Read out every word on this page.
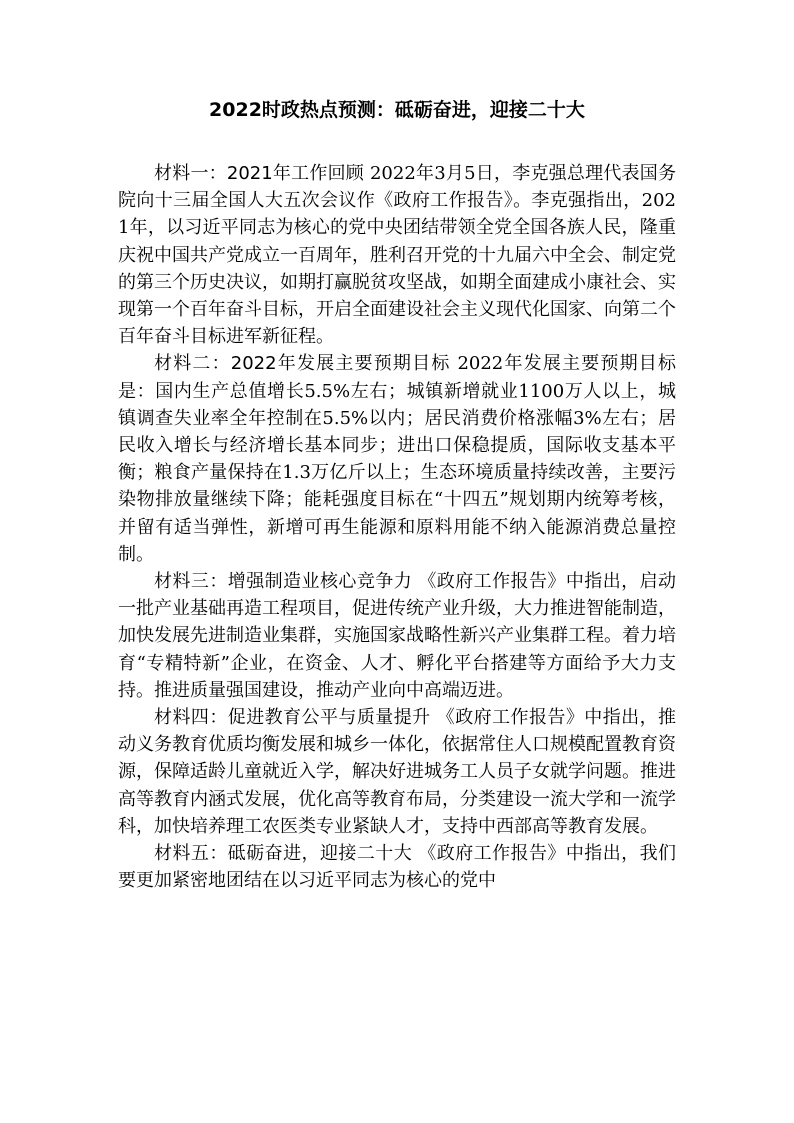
2022时政热点预测：砥砺奋进，迎接二十大

材料一：2021年工作回顾 2022年3月5日，李克强总理代表国务院向十三届全国人大五次会议作《政府工作报告》。李克强指出，2021年，以习近平同志为核心的党中央团结带领全党全国各族人民，隆重庆祝中国共产党成立一百周年，胜利召开党的十九届六中全会、制定党的第三个历史决议，如期打赢脱贫攻坚战，如期全面建成小康社会、实现第一个百年奋斗目标，开启全面建设社会主义现代化国家、向第二个百年奋斗目标进军新征程。

材料二：2022年发展主要预期目标 2022年发展主要预期目标是：国内生产总值增长5.5%左右；城镇新增就业1100万人以上，城镇调查失业率全年控制在5.5%以内；居民消费价格涨幅3%左右；居民收入增长与经济增长基本同步；进出口保稳提质，国际收支基本平衡；粮食产量保持在1.3万亿斤以上；生态环境质量持续改善，主要污染物排放量继续下降；能耗强度目标在“十四五”规划期内统筹考核，并留有适当弹性，新增可再生能源和原料用能不纳入能源消费总量控制。

材料三：增强制造业核心竞争力 《政府工作报告》中指出，启动一批产业基础再造工程项目，促进传统产业升级，大力推进智能制造，加快发展先进制造业集群，实施国家战略性新兴产业集群工程。着力培育“专精特新”企业，在资金、人才、孵化平台搭建等方面给予大力支持。推进质量强国建设，推动产业向中高端迈进。

材料四：促进教育公平与质量提升 《政府工作报告》中指出，推动义务教育优质均衡发展和城乡一体化，依据常住人口规模配置教育资源，保障适龄儿童就近入学，解决好进城务工人员子女就学问题。推进高等教育内涵式发展，优化高等教育布局，分类建设一流大学和一流学科，加快培养理工农医类专业紧缺人才，支持中西部高等教育发展。

材料五：砥砺奋进，迎接二十大 《政府工作报告》中指出，我们要更加紧密地团结在以习近平同志为核心的党中
